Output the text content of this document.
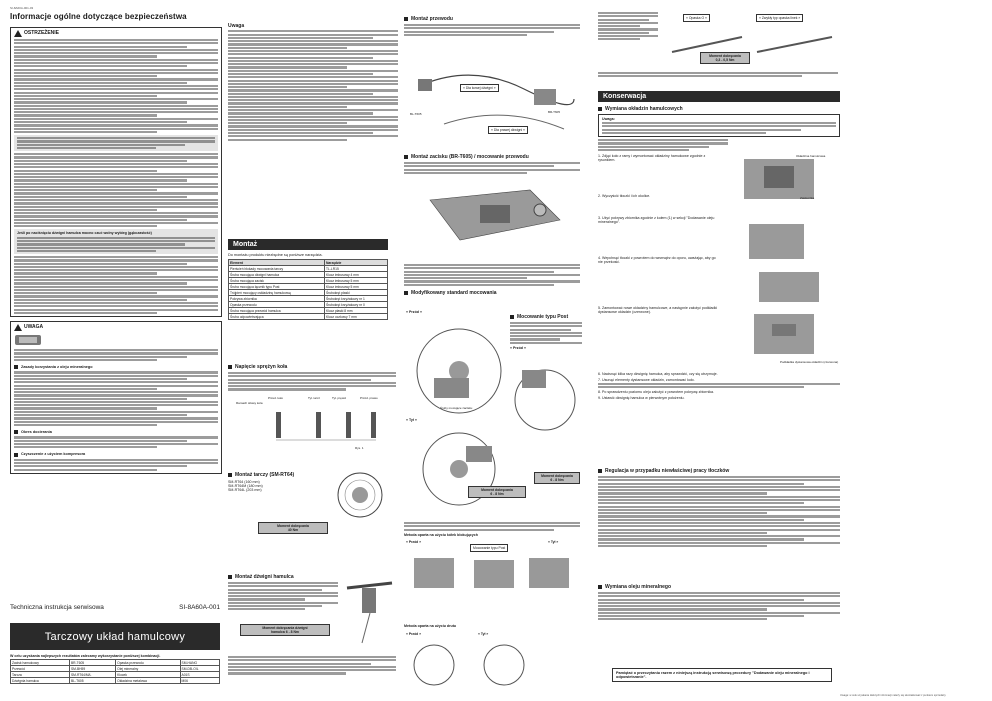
SI-8A60A-001-03
Informacje ogólne dotyczące bezpieczeństwa
OSTRZEŻENIE
Jeśli po naciśnięciu dźwigni hamulca mocno czuć wolny wybieg (gąbczastość)
UWAGA
Zasady korzystania z oleju mineralnego
Okres docierania
Czyszczenie z użyciem kompresora
Techniczna instrukcja serwisowa	SI-8A60A-001
Tarczowy układ hamulcowy
W celu uzyskania najlepszych rezultatów zalecamy wykorzystanie poniższej kombinacji.
Zacisk hamulcowy	BR-T605	Opaska przewodu	SM-HANG
Przewód	SM-BH59	Olej mineralny	SM-DB-OIL
Tarcza	SM-RT64/M/L	Klocek	A01S
Dźwignia hamulca	BL-T605	Okładzina metalowa	M06
Uwaga
Montaż
Do montażu produktu niezbędne są poniższe narzędzia.
Element	Narzędzie
Pierścień blokady mocowania tarczy	TL-LR15
Śruba mocująca dźwigni hamulca	Klucz imbusowy 4 mm
Śruba mocująca zacisk	Klucz imbusowy 5 mm
Śruba mocująca łącznik typu Post	Klucz imbusowy 5 mm
Trójpień mocujący oskładzinę hamulcową	Śrubokręt płaski
Pokrywa zbiornika	Śrubokręt krzyżakowy nr 1
Opaska przewodu	Śrubokręt krzyżakowy nr 0
Śruba mocująca przewód hamulca	Klucz płaski 8 mm
Śruba odpowietrzająca	Klucz oczkowy 7 mm
Napięcie sprężyn koła
Ramach siłowy kola
Przed. koło	Tył. tarcz	Tył. pręwci	Przód. prawo
Rys. 1
Montaż tarczy (SM-RT64)
SM-RT64 (160 mm)
SM-RT64M (180 mm)
SM-RT64L (203 mm)
Moment dokręcania
40 Nm
Montaż dźwigni hamulca
Moment dokręcania dźwigni
hamulca 6 - 8 Nm
Montaż przewodu
« Dla kowej dźwigni »
« Dla prawej dźwigni »
BL-T605	BR-T605
Montaż zacisku (BR-T605) / mocowanie przewodu
Modyfikowany standard mocowania
« Przód »
« Tył »
Śruby mocujące zacisku
Moment dokręcania
6 - 8 Nm
Mocowanie typu Post
« Przód »
Moment dokręcania
6 - 8 Nm
Metoda oparta na użyciu kółek blokujących
« Przód »
Mocowanie typu Post
« Tył »
Metoda oparta na użyciu drutu
« Przód »	« Tył »
« Opaska O »	« Zwykły typ opaska linek »
Moment dokręcania
0,3 - 0,5 Nm
Konserwacja
Wymiana okładzin hamulcowych
Uwaga:
1. Zdjąć koło z ramy i wymontować okładziny hamulcowe zgodnie z rysunkiem.
2. Wyczyścić tłoczki i ich okolice.
3. Użyć pokrywy zbiornika zgodnie z kołem (1) w sekcji "Dodawanie oleju mineralnego".
4. Wepchnąć tłoczki z powrotem do wewnątrz do oporu, uważając, aby go nie przekosić.
5. Zamontować nowe okładziny hamulcowe, a następnie założyć podkładki dystansowe okładzin (czerwone).
Okładzina hamulcowa
Zawleczka
Podkładka dystansowa okładzin (czerwona)
6. Nacisnąć kilka razy dźwignię hamulca, aby sprawdzić, czy się utrzymuje.
7. Usunąć elementy dystansowe okładzin, zamontować koło.
8. Po sprawdzeniu poziomu oleju założyć z powrotem pokrywę zbiornika.
9. Ustawić dźwignię hamulca w pierwotnym położeniu.
Regulacja w przypadku niewłaściwej pracy tłoczków
Wymiana oleju mineralnego
Pamiętać o przeczytaniu razem z niniejszą instrukcją serwisową procedury "Dodawanie oleju mineralnego i odpowietrzanie".
Uwaga: w celu uzyskania dalszych informacji należy się skontaktować z punktem sprzedaży.
